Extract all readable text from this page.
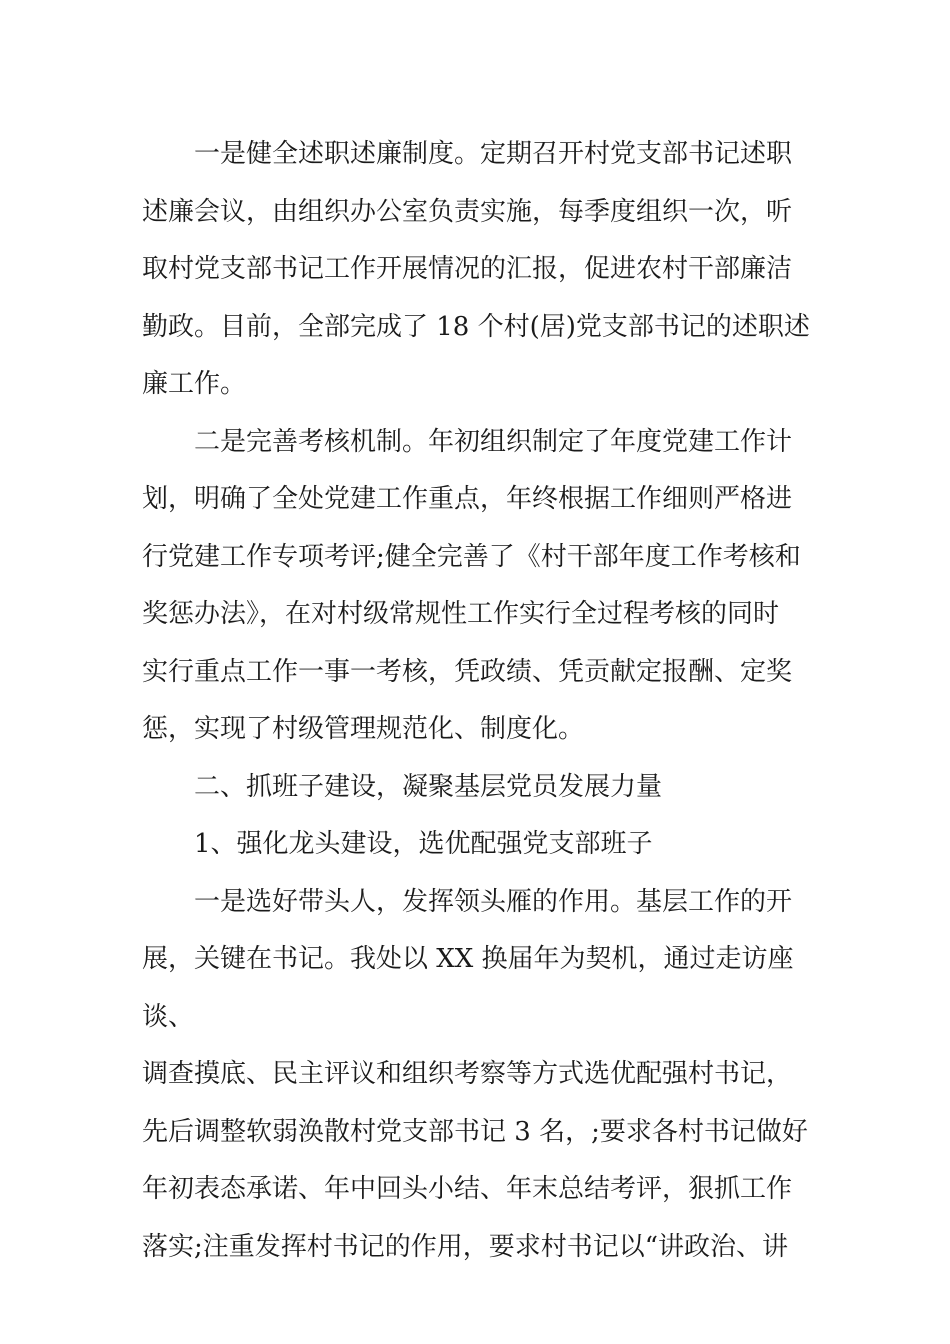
　　一是健全述职述廉制度。定期召开村党支部书记述职
述廉会议，由组织办公室负责实施，每季度组织一次，听
取村党支部书记工作开展情况的汇报，促进农村干部廉洁
勤政。目前，全部完成了 18 个村(居)党支部书记的述职述
廉工作。

　　二是完善考核机制。年初组织制定了年度党建工作计
划，明确了全处党建工作重点，年终根据工作细则严格进
行党建工作专项考评;健全完善了《村干部年度工作考核和
奖惩办法》，在对村级常规性工作实行全过程考核的同时
实行重点工作一事一考核，凭政绩、凭贡献定报酬、定奖
惩，实现了村级管理规范化、制度化。

　　二、抓班子建设，凝聚基层党员发展力量

　　1、强化龙头建设，选优配强党支部班子

　　一是选好带头人，发挥领头雁的作用。基层工作的开
展，关键在书记。我处以 XX 换届年为契机，通过走访座谈、
调查摸底、民主评议和组织考察等方式选优配强村书记，
先后调整软弱涣散村党支部书记 3 名，;要求各村书记做好
年初表态承诺、年中回头小结、年末总结考评，狠抓工作
落实;注重发挥村书记的作用，要求村书记以“讲政治、讲
